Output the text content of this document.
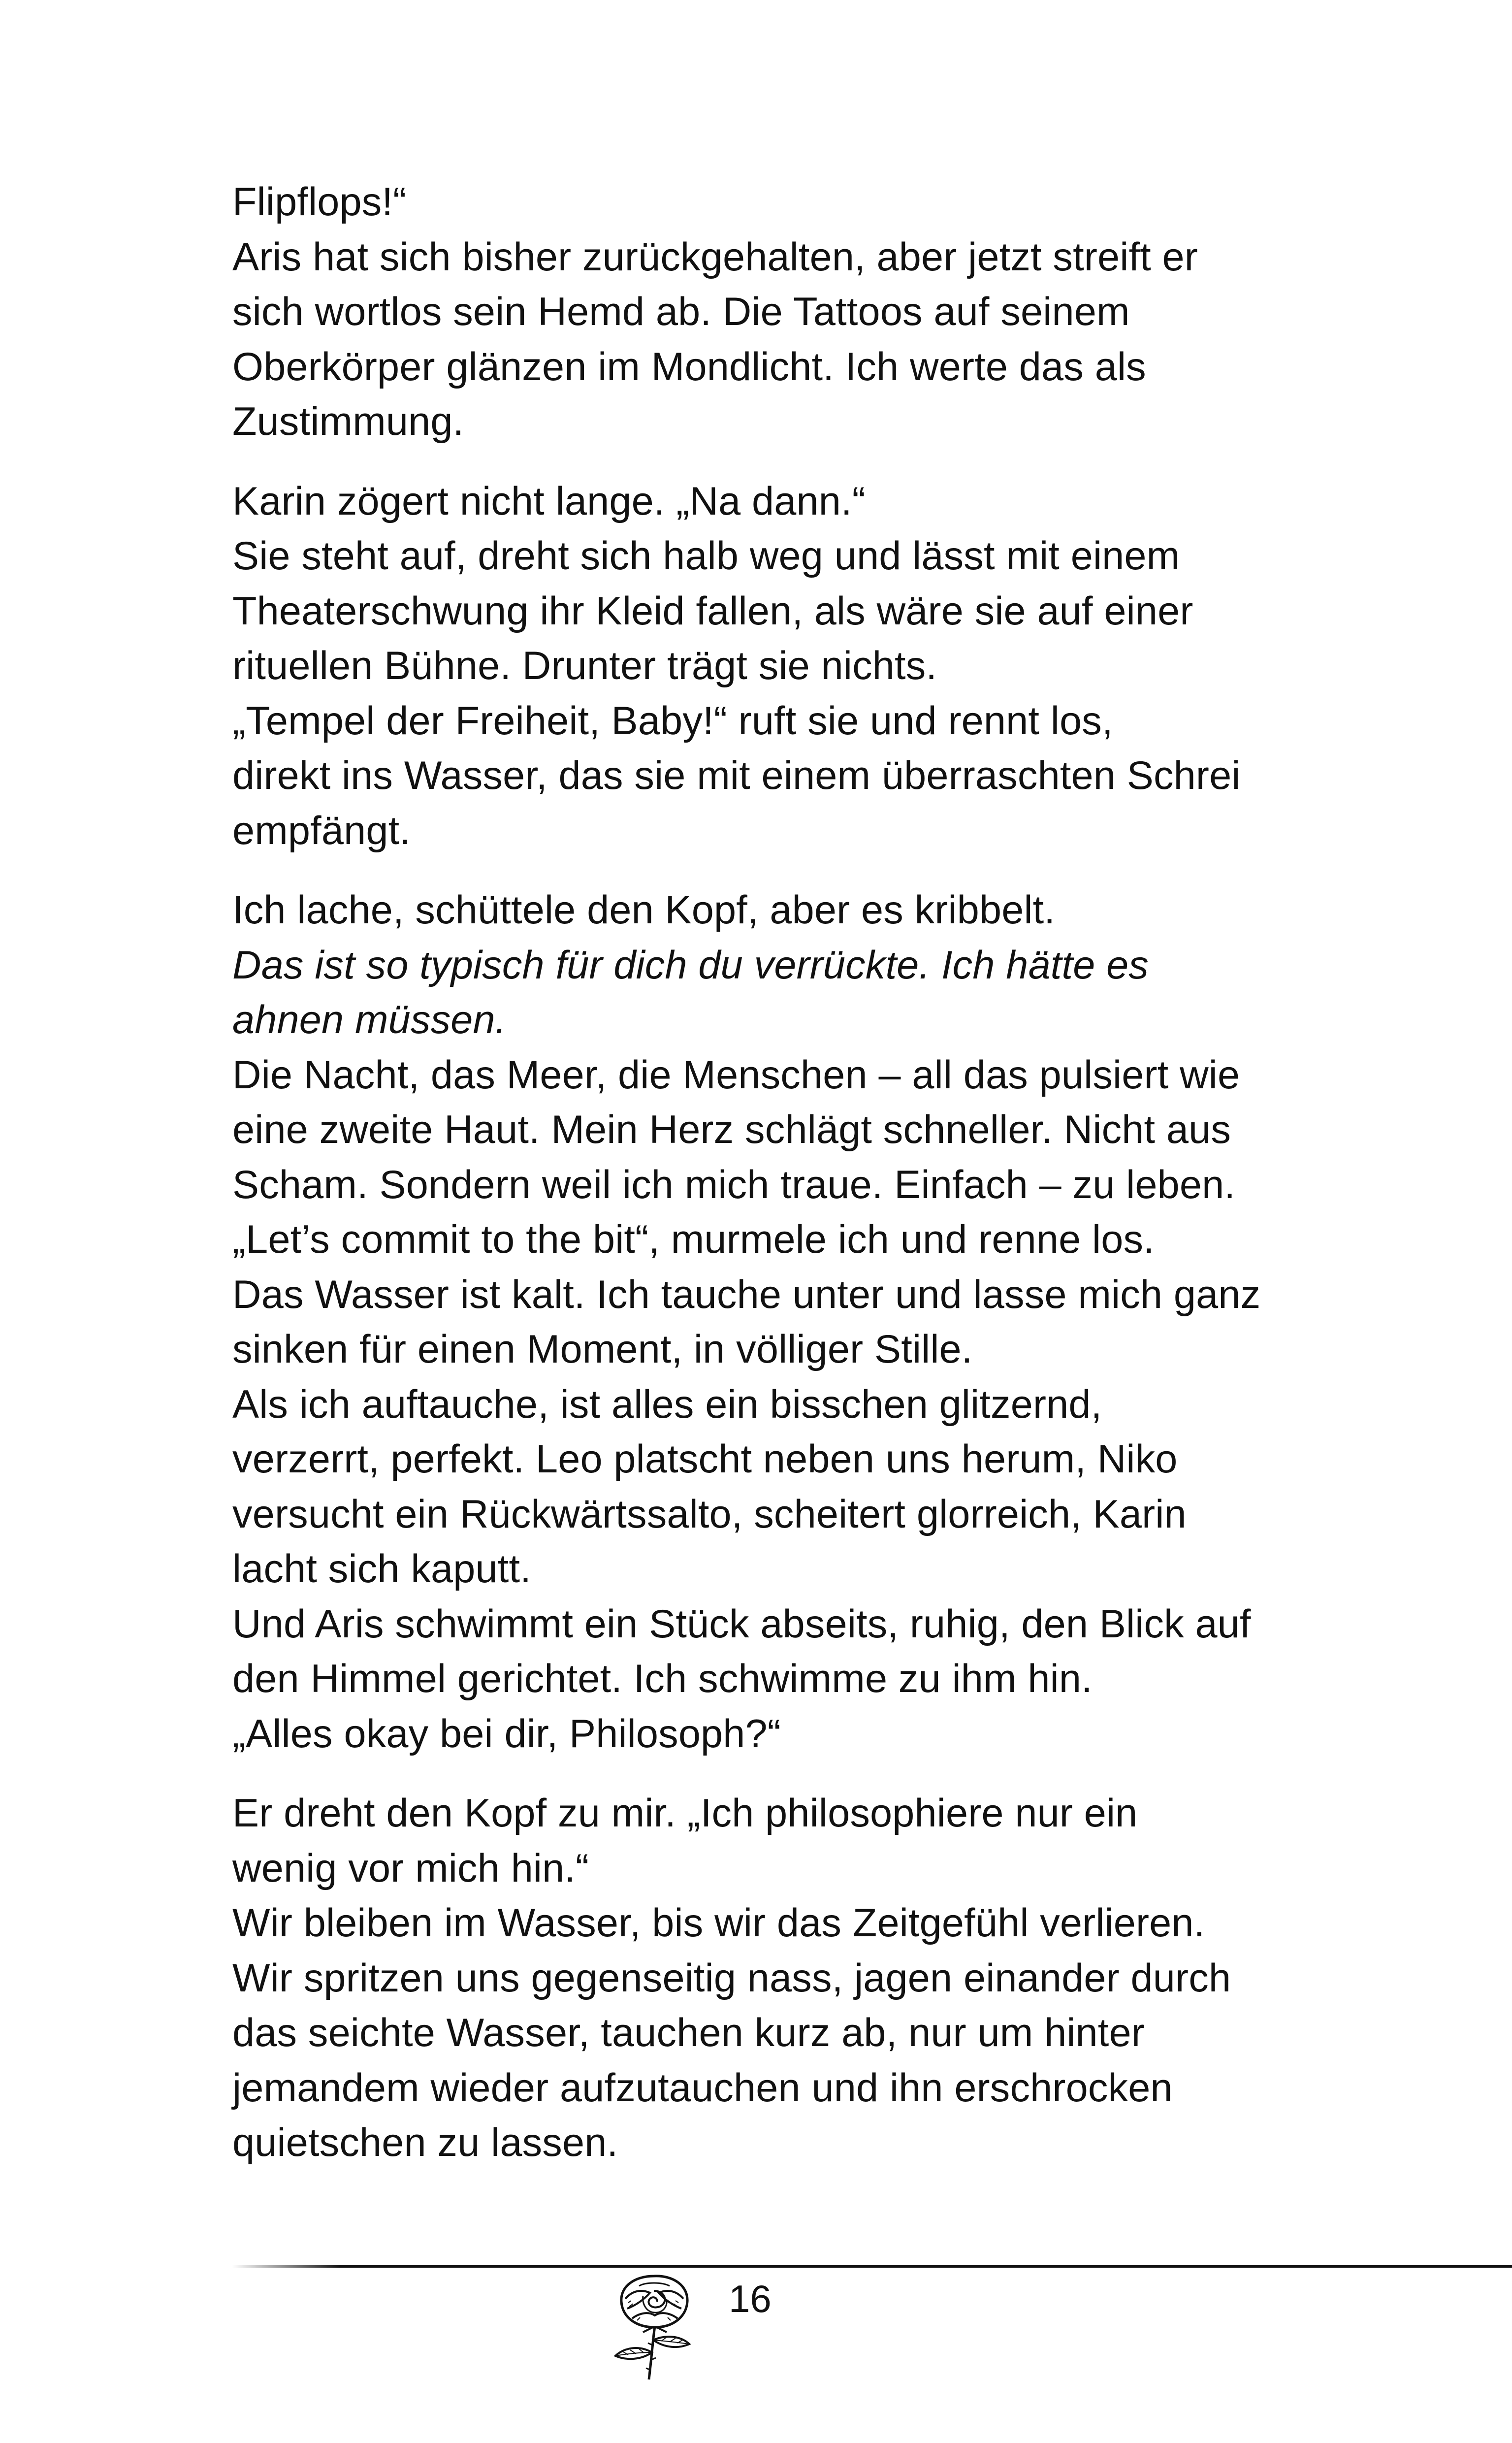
Flipflops!“
Aris hat sich bisher zurückgehalten, aber jetzt streift er
sich wortlos sein Hemd ab. Die Tattoos auf seinem
Oberkörper glänzen im Mondlicht. Ich werte das als
Zustimmung.
Karin zögert nicht lange. „Na dann.“
Sie steht auf, dreht sich halb weg und lässt mit einem
Theaterschwung ihr Kleid fallen, als wäre sie auf einer
rituellen Bühne. Drunter trägt sie nichts.
„Tempel der Freiheit, Baby!“ ruft sie und rennt los,
direkt ins Wasser, das sie mit einem überraschten Schrei
empfängt.
Ich lache, schüttele den Kopf, aber es kribbelt.
Das ist so typisch für dich du verrückte. Ich hätte es
ahnen müssen.
Die Nacht, das Meer, die Menschen – all das pulsiert wie
eine zweite Haut. Mein Herz schlägt schneller. Nicht aus
Scham. Sondern weil ich mich traue. Einfach – zu leben.
„Let’s commit to the bit“, murmele ich und renne los.
Das Wasser ist kalt. Ich tauche unter und lasse mich ganz
sinken für einen Moment, in völliger Stille.
Als ich auftauche, ist alles ein bisschen glitzernd,
verzerrt, perfekt. Leo platscht neben uns herum, Niko
versucht ein Rückwärtssalto, scheitert glorreich, Karin
lacht sich kaputt.
Und Aris schwimmt ein Stück abseits, ruhig, den Blick auf
den Himmel gerichtet. Ich schwimme zu ihm hin.
„Alles okay bei dir, Philosoph?“
Er dreht den Kopf zu mir. „Ich philosophiere nur ein
wenig vor mich hin.“
Wir bleiben im Wasser, bis wir das Zeitgefühl verlieren.
Wir spritzen uns gegenseitig nass, jagen einander durch
das seichte Wasser, tauchen kurz ab, nur um hinter
jemandem wieder aufzutauchen und ihn erschrocken
quietschen zu lassen.
16
